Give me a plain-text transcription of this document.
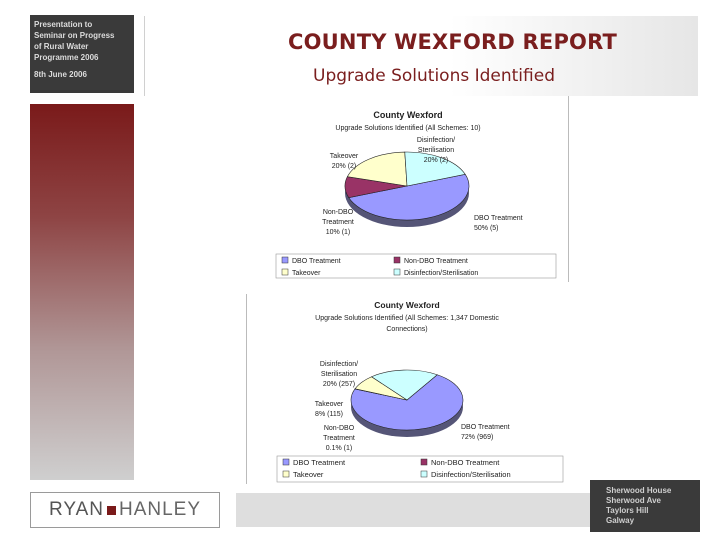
Presentation to
Seminar on Progress
of Rural Water
Programme 2006
8th June 2006
COUNTY WEXFORD REPORT
Upgrade Solutions Identified
RYAN HANLEY
Sherwood House
Sherwood Ave
Taylors Hill
Galway
County Wexford
Upgrade Solutions Identified (All Schemes: 10)
DBO Treatment
50% (5)
Non-DBO
Treatment
10% (1)
Takeover
20% (2)
Disinfection/
Sterilisation
20% (2)
DBO Treatment	Non-DBO Treatment
Takeover	Disinfection/Sterilisation
County Wexford
Upgrade Solutions Identified (All Schemes: 1,347 Domestic
Connections)
DBO Treatment
72% (969)
Non-DBO
Treatment
0.1% (1)
Takeover
8% (115)
Disinfection/
Sterilisation
20% (257)
DBO Treatment	Non-DBO Treatment
Takeover	Disinfection/Sterilisation
